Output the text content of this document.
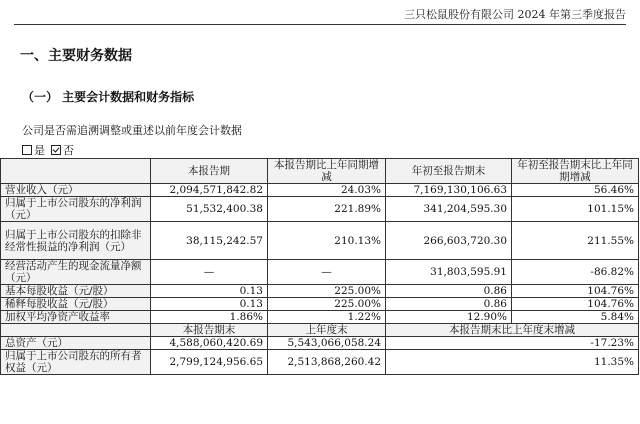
三只松鼠股份有限公司 2024 年第三季度报告
一、主要财务数据
（一） 主要会计数据和财务指标
公司是否需追溯调整或重述以前年度会计数据
是 否
	本报告期	本报告期比上年同期增减	年初至报告期末	年初至报告期末比上年同期增减
营业收入（元）	2,094,571,842.82	24.03%	7,169,130,106.63	56.46%
归属于上市公司股东的净利润（元）	51,532,400.38	221.89%	341,204,595.30	101.15%
归属于上市公司股东的扣除非经常性损益的净利润（元）	38,115,242.57	210.13%	266,603,720.30	211.55%
经营活动产生的现金流量净额（元）	—	—	31,803,595.91	-86.82%
基本每股收益（元/股）	0.13	225.00%	0.86	104.76%
稀释每股收益（元/股）	0.13	225.00%	0.86	104.76%
加权平均净资产收益率	1.86%	1.22%	12.90%	5.84%
	本报告期末	上年度末	本报告期末比上年度末增减	
总资产（元）	4,588,060,420.69	5,543,066,058.24	-17.23%	
归属于上市公司股东的所有者权益（元）	2,799,124,956.65	2,513,868,260.42	11.35%	
